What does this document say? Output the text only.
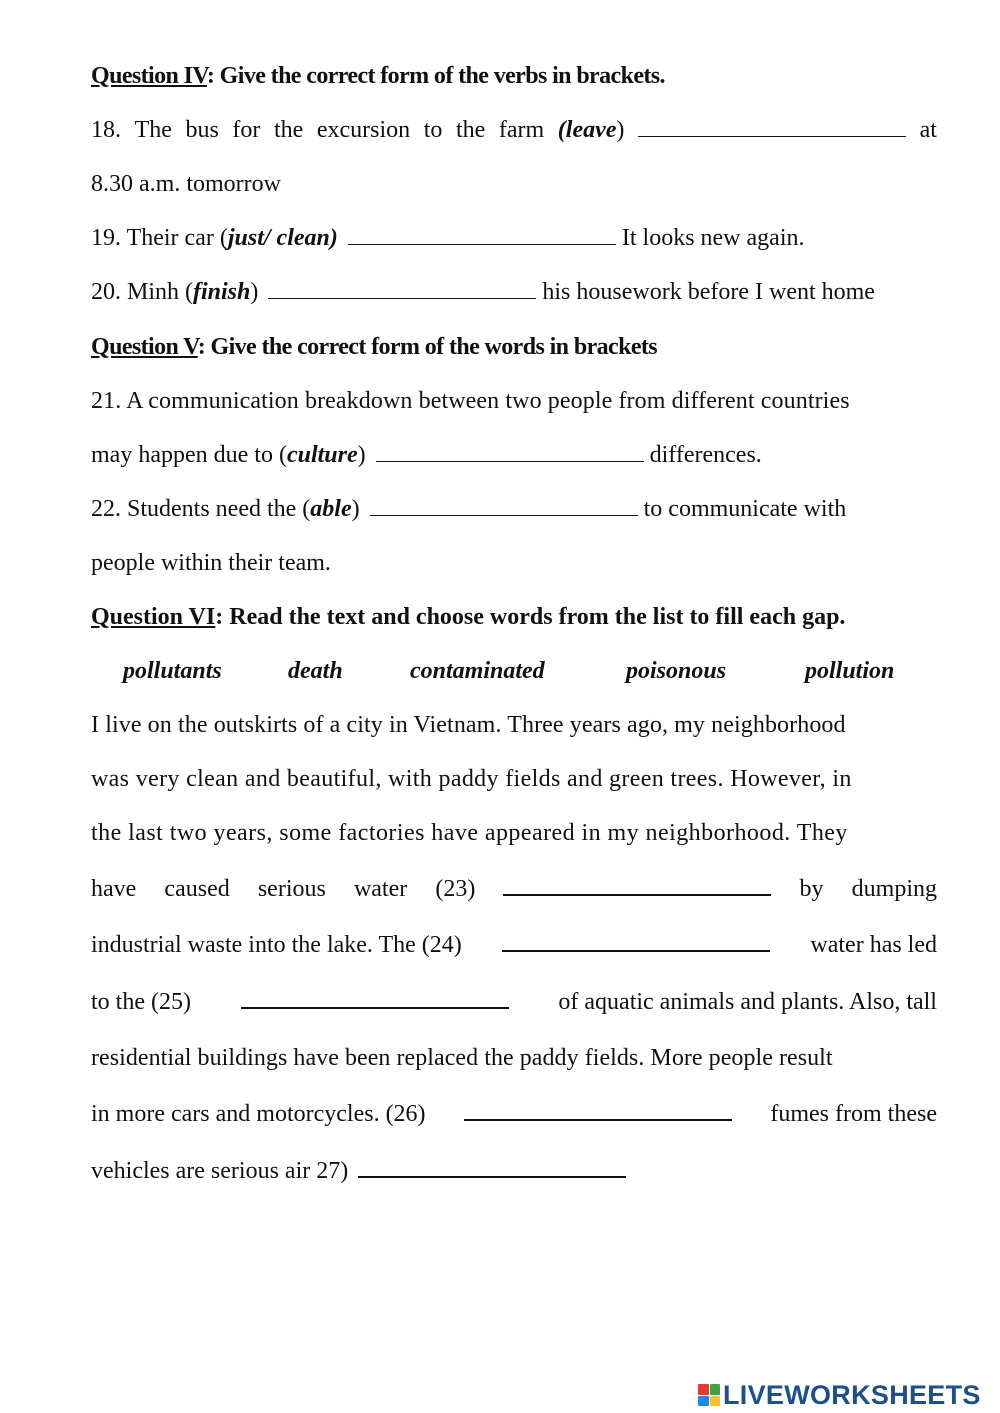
Question IV: Give the correct form of the verbs in brackets.
18. The bus for the excursion to the farm (leave)	at
8.30 a.m. tomorrow
19. Their car (just/ clean)	It looks new again.
20. Minh (finish)	his housework before I went home
Question V: Give the correct form of the words in brackets
21. A communication breakdown between two people from different countries
may happen due to (culture)	differences.
22. Students need the (able)	to communicate with
people within their team.
Question VI: Read the text and choose words from the list to fill each gap.
pollutants	death	contaminated	poisonous	pollution
I live on the outskirts of a city in Vietnam. Three years ago, my neighborhood
was very clean and beautiful, with paddy fields and green trees. However, in
the last two years, some factories have appeared in my neighborhood. They
have caused serious water (23)	by dumping
industrial waste into the lake. The (24)	water has led
to the (25)	of aquatic animals and plants. Also, tall
residential buildings have been replaced the paddy fields. More people result
in more cars and motorcycles. (26)	fumes from these
vehicles are serious air 27)
LIVEWORKSHEETS
